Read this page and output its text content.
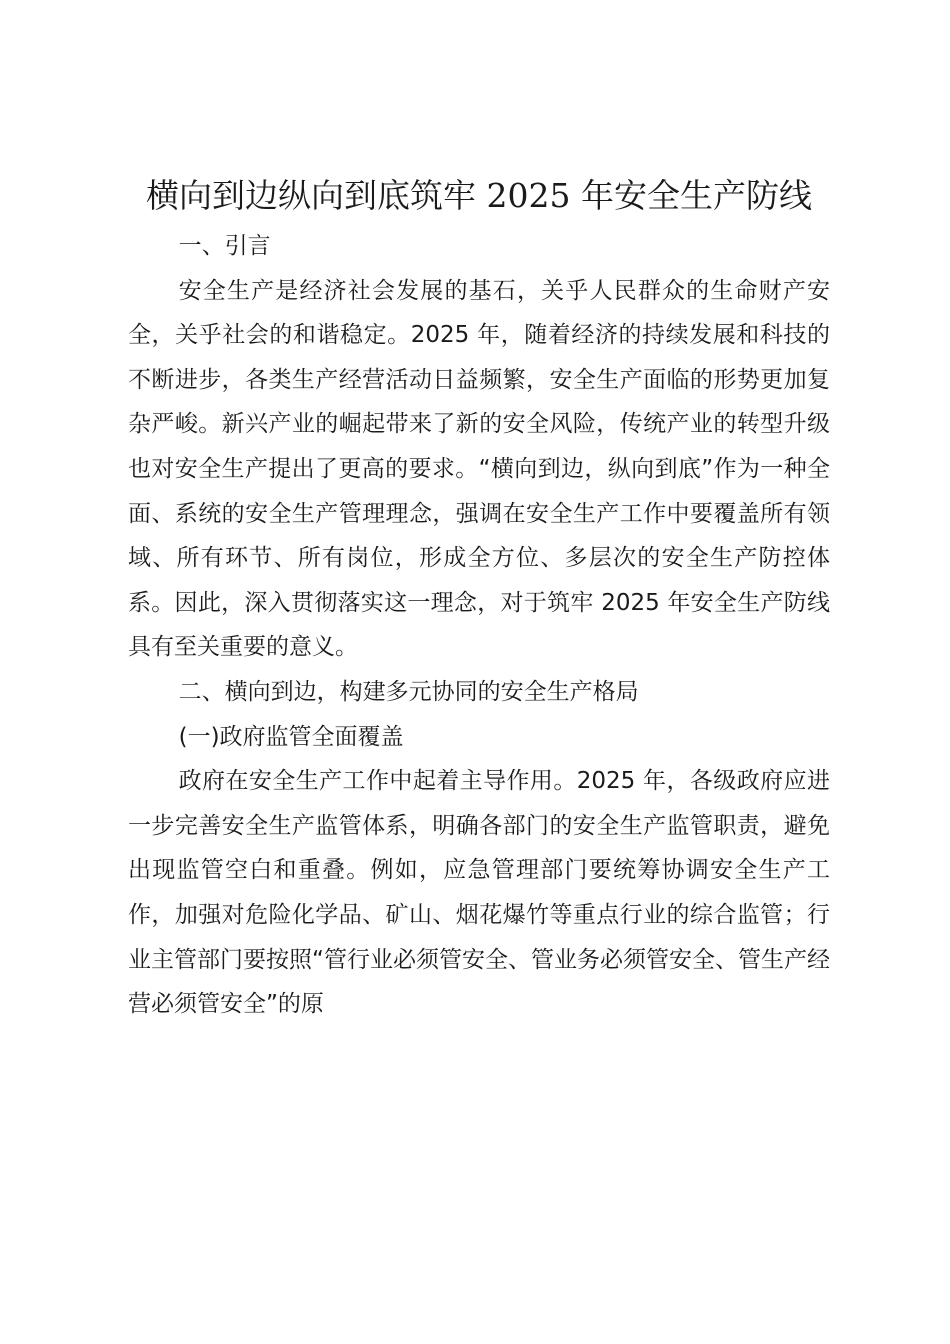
横向到边纵向到底筑牢 2025 年安全生产防线

一、引言

安全生产是经济社会发展的基石，关乎人民群众的生命财产安全，关乎社会的和谐稳定。2025 年，随着经济的持续发展和科技的不断进步，各类生产经营活动日益频繁，安全生产面临的形势更加复杂严峻。新兴产业的崛起带来了新的安全风险，传统产业的转型升级也对安全生产提出了更高的要求。“横向到边，纵向到底”作为一种全面、系统的安全生产管理理念，强调在安全生产工作中要覆盖所有领域、所有环节、所有岗位，形成全方位、多层次的安全生产防控体系。因此，深入贯彻落实这一理念，对于筑牢 2025 年安全生产防线具有至关重要的意义。

二、横向到边，构建多元协同的安全生产格局

(一)政府监管全面覆盖

政府在安全生产工作中起着主导作用。2025 年，各级政府应进一步完善安全生产监管体系，明确各部门的安全生产监管职责，避免出现监管空白和重叠。例如，应急管理部门要统筹协调安全生产工作，加强对危险化学品、矿山、烟花爆竹等重点行业的综合监管；行业主管部门要按照“管行业必须管安全、管业务必须管安全、管生产经营必须管安全”的原
